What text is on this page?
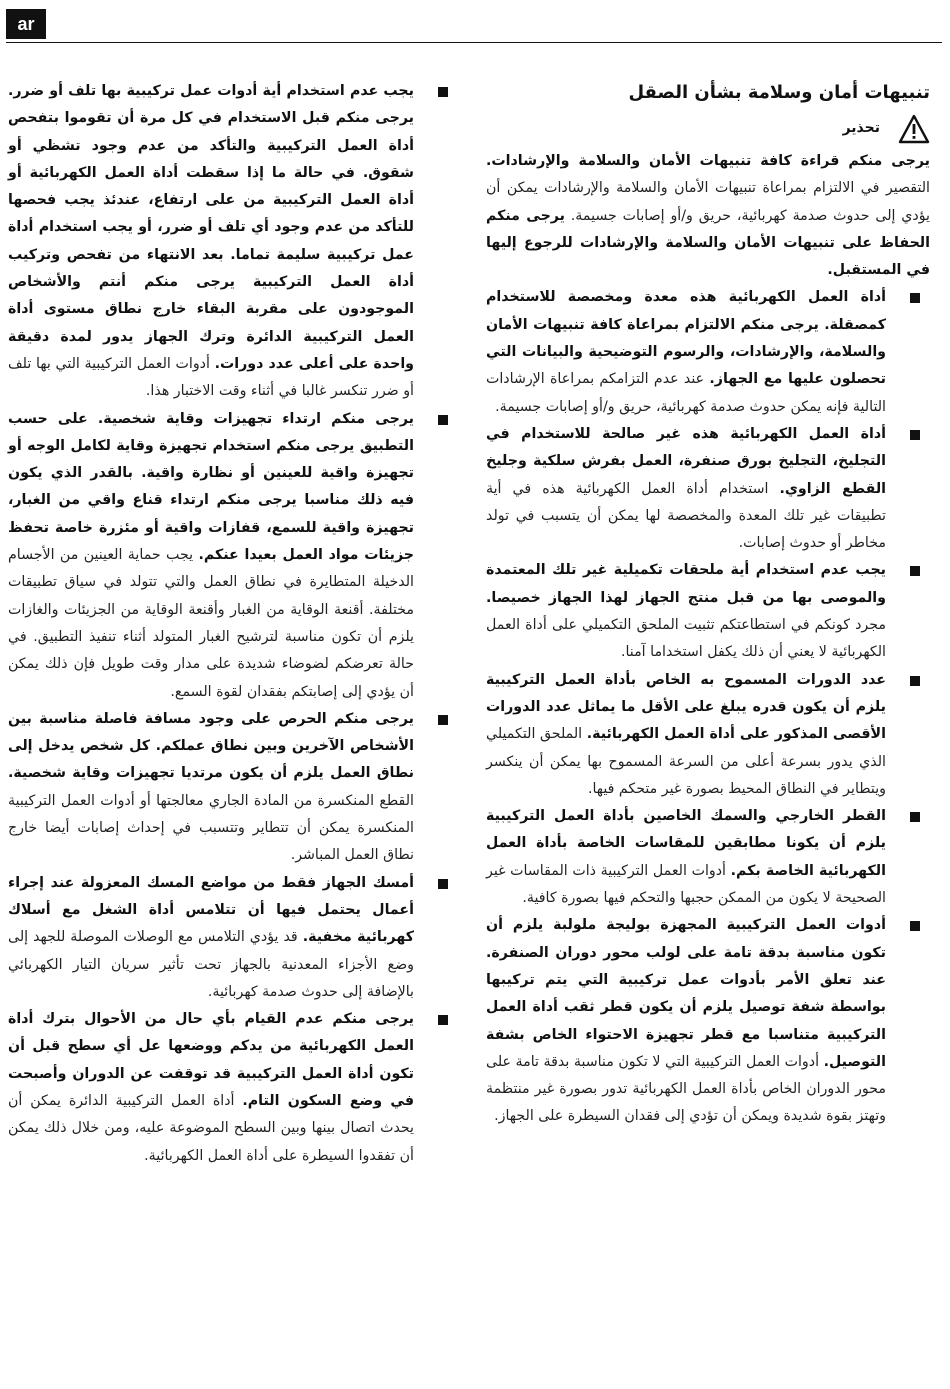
ar
تنبيهات أمان وسلامة بشأن الصقل
تحذير

يرجى منكم قراءة كافة تنبيهات الأمان والسلامة والإرشادات. التقصير في الالتزام بمراعاة تنبيهات الأمان والسلامة والإرشادات يمكن أن يؤدي إلى حدوث صدمة كهربائية، حريق و/أو إصابات جسيمة. يرجى منكم الحفاظ على تنبيهات الأمان والسلامة والإرشادات للرجوع إليها في المستقبل.

أداة العمل الكهربائية هذه معدة ومخصصة للاستخدام كمصقلة. يرجى منكم الالتزام بمراعاة كافة تنبيهات الأمان والسلامة، والإرشادات، والرسوم التوضيحية والبيانات التي تحصلون عليها مع الجهاز. عند عدم التزامكم بمراعاة الإرشادات التالية فإنه يمكن حدوث صدمة كهربائية، حريق و/أو إصابات جسيمة.

أداة العمل الكهربائية هذه غير صالحة للاستخدام في التجليخ، التجليخ بورق صنفرة، العمل بفرش سلكية وجليخ القطع الزاوي. استخدام أداة العمل الكهربائية هذه في أية تطبيقات غير تلك المعدة والمخصصة لها يمكن أن يتسبب في تولد مخاطر أو حدوث إصابات.

يجب عدم استخدام أية ملحقات تكميلية غير تلك المعتمدة والموصى بها من قبل منتج الجهاز لهذا الجهاز خصيصا. مجرد كونكم في استطاعتكم تثبيت الملحق التكميلي على أداة العمل الكهربائية لا يعني أن ذلك يكفل استخداما آمنا.

عدد الدورات المسموح به الخاص بأداة العمل التركيبية يلزم أن يكون قدره يبلغ على الأقل ما يماثل عدد الدورات الأقصى المذكور على أداة العمل الكهربائية. الملحق التكميلي الذي يدور بسرعة أعلى من السرعة المسموح بها يمكن أن ينكسر ويتطاير في النطاق المحيط بصورة غير متحكم فيها.

القطر الخارجي والسمك الخاصين بأداة العمل التركيبية يلزم أن يكونا مطابقين للمقاسات الخاصة بأداة العمل الكهربائية الخاصة بكم. أدوات العمل التركيبية ذات المقاسات غير الصحيحة لا يكون من الممكن حجبها والتحكم فيها بصورة كافية.

أدوات العمل التركيبية المجهزة بوليجة ملولبة يلزم أن تكون مناسبة بدقة تامة على لولب محور دوران الصنفرة. عند تعلق الأمر بأدوات عمل تركيبية التي يتم تركيبها بواسطة شفة توصيل يلزم أن يكون قطر ثقب أداة العمل التركيبية متناسبا مع قطر تجهيزة الاحتواء الخاص بشفة التوصيل. أدوات العمل التركيبية التي لا تكون مناسبة بدقة تامة على محور الدوران الخاص بأداة العمل الكهربائية تدور بصورة غير منتظمة وتهتز بقوة شديدة ويمكن أن تؤدي إلى فقدان السيطرة على الجهاز.

يجب عدم استخدام أية أدوات عمل تركيبية بها تلف أو ضرر. يرجى منكم قبل الاستخدام في كل مرة أن تقوموا بتفحص أداة العمل التركيبية والتأكد من عدم وجود تشظي أو شقوق. في حالة ما إذا سقطت أداة العمل الكهربائية أو أداة العمل التركيبية من على ارتفاع، عندئذ يجب فحصها للتأكد من عدم وجود أي تلف أو ضرر، أو يجب استخدام أداة عمل تركيبية سليمة تماما. بعد الانتهاء من تفحص وتركيب أداة العمل التركيبية يرجى منكم أنتم والأشخاص الموجودون على مقربة البقاء خارج نطاق مستوى أداة العمل التركيبية الدائرة وترك الجهاز يدور لمدة دقيقة واحدة على أعلى عدد دورات. أدوات العمل التركيبية التي بها تلف أو ضرر تنكسر غالبا في أثناء وقت الاختبار هذا.

يرجى منكم ارتداء تجهيزات وقاية شخصية. على حسب التطبيق يرجى منكم استخدام تجهيزة وقاية لكامل الوجه أو تجهيزة واقية للعينين أو نظارة واقية. بالقدر الذي يكون فيه ذلك مناسبا يرجى منكم ارتداء قناع واقي من الغبار، تجهيزة واقية للسمع، قفازات واقية أو مئزرة خاصة تحفظ جزيئات مواد العمل بعيدا عنكم. يجب حماية العينين من الأجسام الدخيلة المتطايرة في نطاق العمل والتي تتولد في سياق تطبيقات مختلفة. أقنعة الوقاية من الغبار وأقنعة الوقاية من الجزيئات والغازات يلزم أن تكون مناسبة لترشيح الغبار المتولد أثناء تنفيذ التطبيق. في حالة تعرضكم لضوضاء شديدة على مدار وقت طويل فإن ذلك يمكن أن يؤدي إلى إصابتكم بفقدان لقوة السمع.

يرجى منكم الحرص على وجود مسافة فاصلة مناسبة بين الأشخاص الآخرين وبين نطاق عملكم. كل شخص يدخل إلى نطاق العمل يلزم أن يكون مرتديا تجهيزات وقاية شخصية. القطع المنكسرة من المادة الجاري معالجتها أو أدوات العمل التركيبية المنكسرة يمكن أن تتطاير وتتسبب في إحداث إصابات أيضا خارج نطاق العمل المباشر.

أمسك الجهاز فقط من مواضع المسك المعزولة عند إجراء أعمال يحتمل فيها أن تتلامس أداة الشغل مع أسلاك كهربائية مخفية. قد يؤدي التلامس مع الوصلات الموصلة للجهد إلى وضع الأجزاء المعدنية بالجهاز تحت تأثير سريان التيار الكهربائي بالإضافة إلى حدوث صدمة كهربائية.

يرجى منكم عدم القيام بأي حال من الأحوال بترك أداة العمل الكهربائية من يدكم ووضعها عل أي سطح قبل أن تكون أداة العمل التركيبية قد توقفت عن الدوران وأصبحت في وضع السكون التام. أداة العمل التركيبية الدائرة يمكن أن يحدث اتصال بينها وبين السطح الموضوعة عليه، ومن خلال ذلك يمكن أن تفقدوا السيطرة على أداة العمل الكهربائية.
